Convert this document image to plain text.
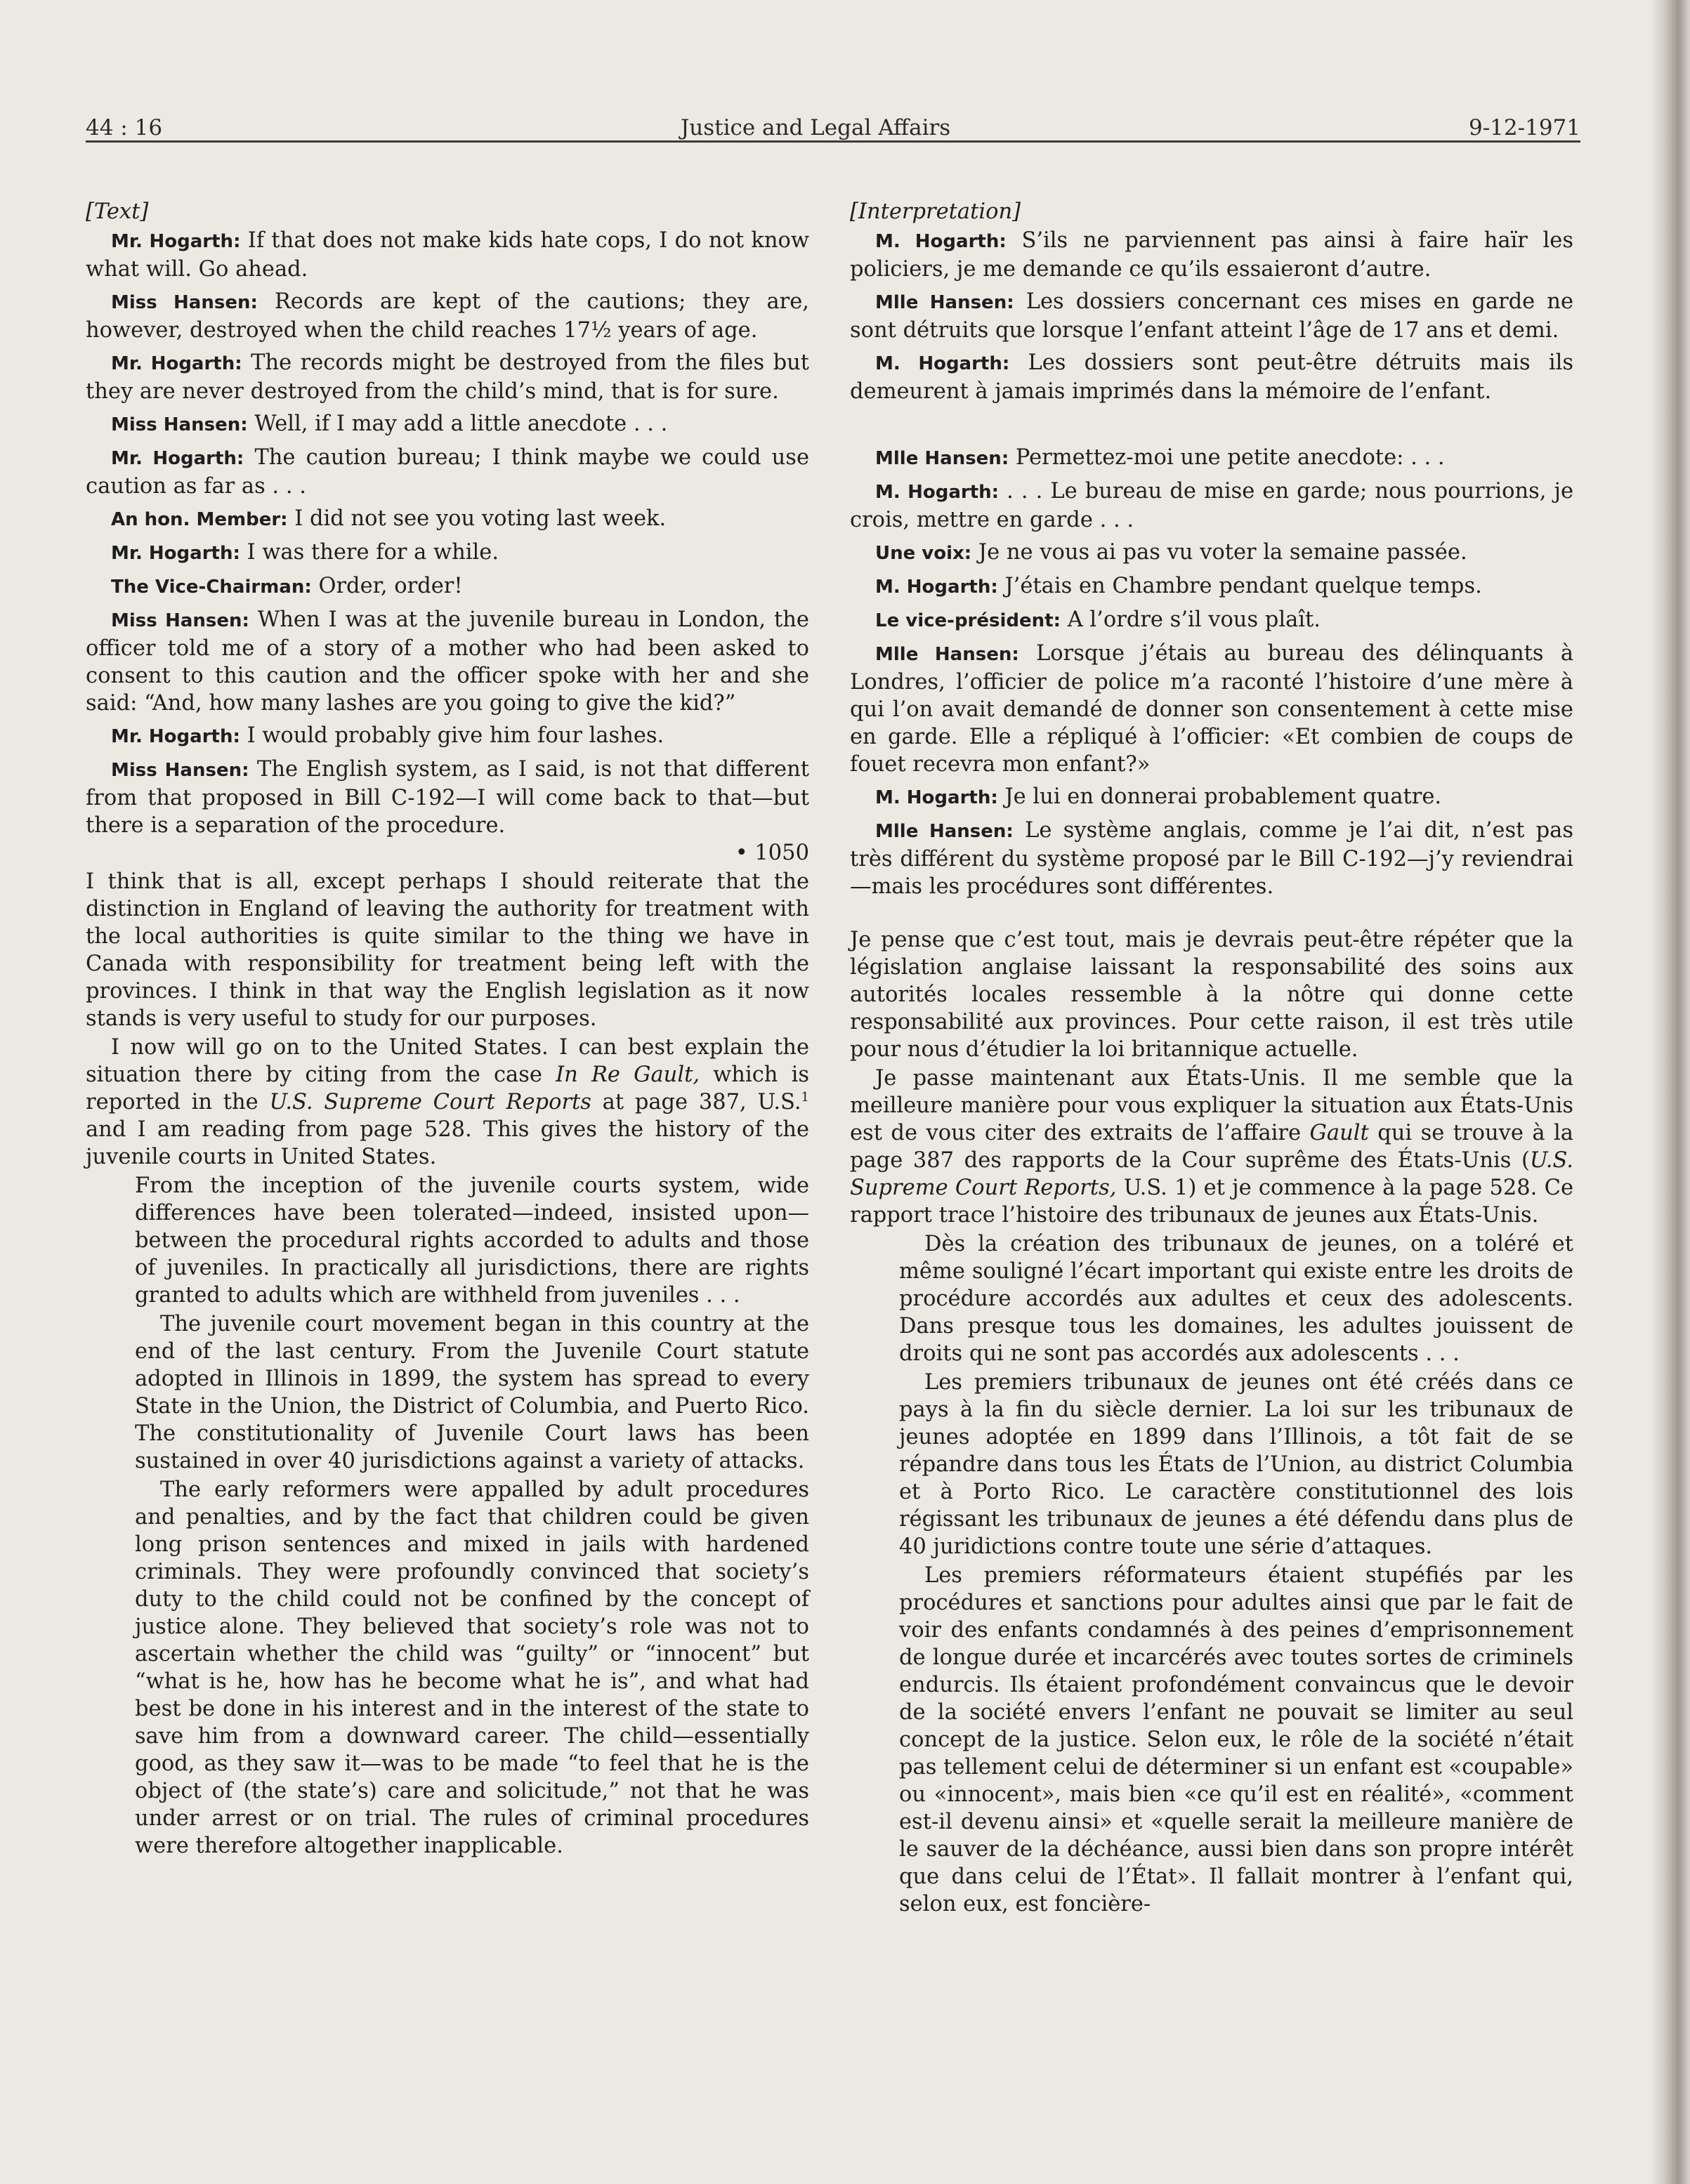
44 : 16	Justice and Legal Affairs	9-12-1971
[Text]

Mr. Hogarth: If that does not make kids hate cops, I do not know what will. Go ahead.

Miss Hansen: Records are kept of the cautions; they are, however, destroyed when the child reaches 17½ years of age.

Mr. Hogarth: The records might be destroyed from the files but they are never destroyed from the child’s mind, that is for sure.

Miss Hansen: Well, if I may add a little anecdote . . .

Mr. Hogarth: The caution bureau; I think maybe we could use caution as far as . . .

An hon. Member: I did not see you voting last week.

Mr. Hogarth: I was there for a while.

The Vice-Chairman: Order, order!

Miss Hansen: When I was at the juvenile bureau in London, the officer told me of a story of a mother who had been asked to consent to this caution and the officer spoke with her and she said: “And, how many lashes are you going to give the kid?”

Mr. Hogarth: I would probably give him four lashes.

Miss Hansen: The English system, as I said, is not that different from that proposed in Bill C-192—I will come back to that—but there is a separation of the procedure.

• 1050

I think that is all, except perhaps I should reiterate that the distinction in England of leaving the authority for treatment with the local authorities is quite similar to the thing we have in Canada with responsibility for treatment being left with the provinces. I think in that way the English legislation as it now stands is very useful to study for our purposes.

I now will go on to the United States. I can best explain the situation there by citing from the case In Re Gault, which is reported in the U.S. Supreme Court Reports at page 387, U.S.$^1$ and I am reading from page 528. This gives the history of the juvenile courts in United States.

From the inception of the juvenile courts system, wide differences have been tolerated—indeed, insisted upon—between the procedural rights accorded to adults and those of juveniles. In practically all jurisdictions, there are rights granted to adults which are withheld from juveniles . . .

The juvenile court movement began in this country at the end of the last century. From the Juvenile Court statute adopted in Illinois in 1899, the system has spread to every State in the Union, the District of Columbia, and Puerto Rico. The constitutionality of Juvenile Court laws has been sustained in over 40 jurisdictions against a variety of attacks.

The early reformers were appalled by adult procedures and penalties, and by the fact that children could be given long prison sentences and mixed in jails with hardened criminals. They were profoundly convinced that society’s duty to the child could not be confined by the concept of justice alone. They believed that society’s role was not to ascertain whether the child was “guilty” or “innocent” but “what is he, how has he become what he is”, and what had best be done in his interest and in the interest of the state to save him from a downward career. The child—essentially good, as they saw it—was to be made “to feel that he is the object of (the state’s) care and solicitude,” not that he was under arrest or on trial. The rules of criminal procedures were therefore altogether inapplicable.

[Interpretation]

M. Hogarth: S’ils ne parviennent pas ainsi à faire haïr les policiers, je me demande ce qu’ils essaieront d’autre.

Mlle Hansen: Les dossiers concernant ces mises en garde ne sont détruits que lorsque l’enfant atteint l’âge de 17 ans et demi.

M. Hogarth: Les dossiers sont peut-être détruits mais ils demeurent à jamais imprimés dans la mémoire de l’enfant.

Mlle Hansen: Permettez-moi une petite anecdote: . . .

M. Hogarth: . . . Le bureau de mise en garde; nous pourrions, je crois, mettre en garde . . .

Une voix: Je ne vous ai pas vu voter la semaine passée.

M. Hogarth: J’étais en Chambre pendant quelque temps.

Le vice-président: A l’ordre s’il vous plaît.

Mlle Hansen: Lorsque j’étais au bureau des délinquants à Londres, l’officier de police m’a raconté l’histoire d’une mère à qui l’on avait demandé de donner son consentement à cette mise en garde. Elle a répliqué à l’officier: «Et combien de coups de fouet recevra mon enfant?»

M. Hogarth: Je lui en donnerai probablement quatre.

Mlle Hansen: Le système anglais, comme je l’ai dit, n’est pas très différent du système proposé par le Bill C-192—j’y reviendrai—mais les procédures sont différentes.

Je pense que c’est tout, mais je devrais peut-être répéter que la législation anglaise laissant la responsabilité des soins aux autorités locales ressemble à la nôtre qui donne cette responsabilité aux provinces. Pour cette raison, il est très utile pour nous d’étudier la loi britannique actuelle.

Je passe maintenant aux États-Unis. Il me semble que la meilleure manière pour vous expliquer la situation aux États-Unis est de vous citer des extraits de l’affaire Gault qui se trouve à la page 387 des rapports de la Cour suprême des États-Unis (U.S. Supreme Court Reports, U.S. 1) et je commence à la page 528. Ce rapport trace l’histoire des tribunaux de jeunes aux États-Unis.

Dès la création des tribunaux de jeunes, on a toléré et même souligné l’écart important qui existe entre les droits de procédure accordés aux adultes et ceux des adolescents. Dans presque tous les domaines, les adultes jouissent de droits qui ne sont pas accordés aux adolescents . . .

Les premiers tribunaux de jeunes ont été créés dans ce pays à la fin du siècle dernier. La loi sur les tribunaux de jeunes adoptée en 1899 dans l’Illinois, a tôt fait de se répandre dans tous les États de l’Union, au district Columbia et à Porto Rico. Le caractère constitutionnel des lois régissant les tribunaux de jeunes a été défendu dans plus de 40 juridictions contre toute une série d’attaques.

Les premiers réformateurs étaient stupéfiés par les procédures et sanctions pour adultes ainsi que par le fait de voir des enfants condamnés à des peines d’emprisonnement de longue durée et incarcérés avec toutes sortes de criminels endurcis. Ils étaient profondément convaincus que le devoir de la société envers l’enfant ne pouvait se limiter au seul concept de la justice. Selon eux, le rôle de la société n’était pas tellement celui de déterminer si un enfant est «coupable» ou «innocent», mais bien «ce qu’il est en réalité», «comment est-il devenu ainsi» et «quelle serait la meilleure manière de le sauver de la déchéance, aussi bien dans son propre intérêt que dans celui de l’État». Il fallait montrer à l’enfant qui, selon eux, est foncière-
